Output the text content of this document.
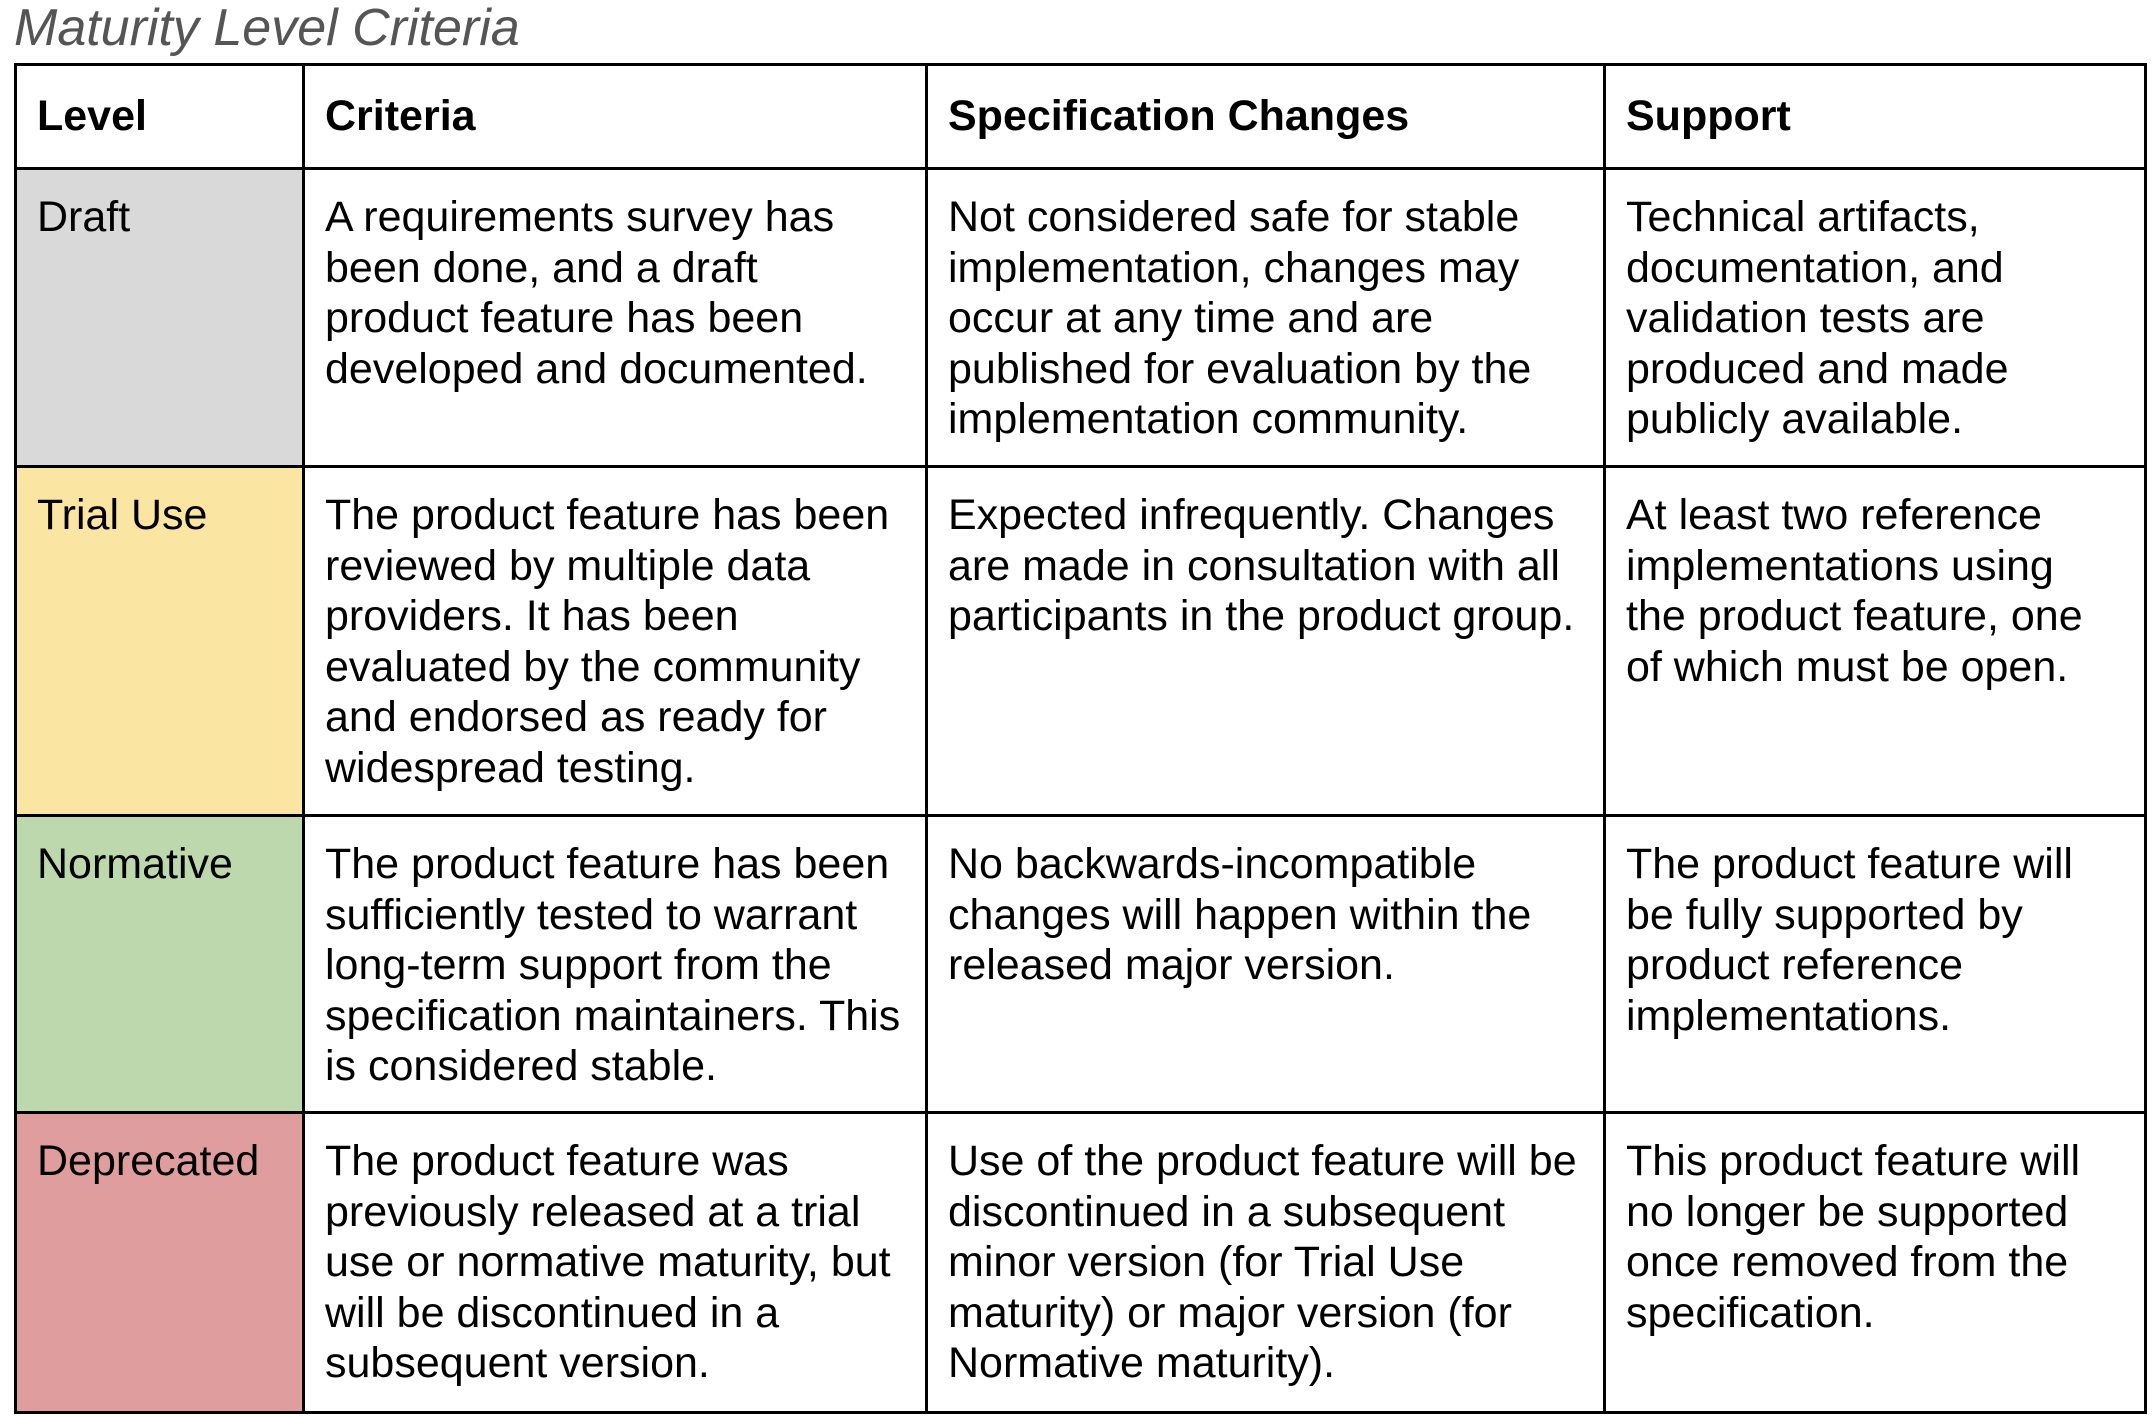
Maturity Level Criteria
Level	Criteria	Specification Changes	Support
Draft	A requirements survey has been done, and a draft product feature has been developed and documented.	Not considered safe for stable implementation, changes may occur at any time and are published for evaluation by the implementation community.	Technical artifacts, documentation, and validation tests are produced and made publicly available.
Trial Use	The product feature has been reviewed by multiple data providers. It has been evaluated by the community and endorsed as ready for widespread testing.	Expected infrequently. Changes are made in consultation with all participants in the product group.	At least two reference implementations using the product feature, one of which must be open.
Normative	The product feature has been sufficiently tested to warrant long-term support from the specification maintainers. This is considered stable.	No backwards-incompatible changes will happen within the released major version.	The product feature will be fully supported by product reference implementations.
Deprecated	The product feature was previously released at a trial use or normative maturity, but will be discontinued in a subsequent version.	Use of the product feature will be discontinued in a subsequent minor version (for Trial Use maturity) or major version (for Normative maturity).	This product feature will no longer be supported once removed from the specification.
